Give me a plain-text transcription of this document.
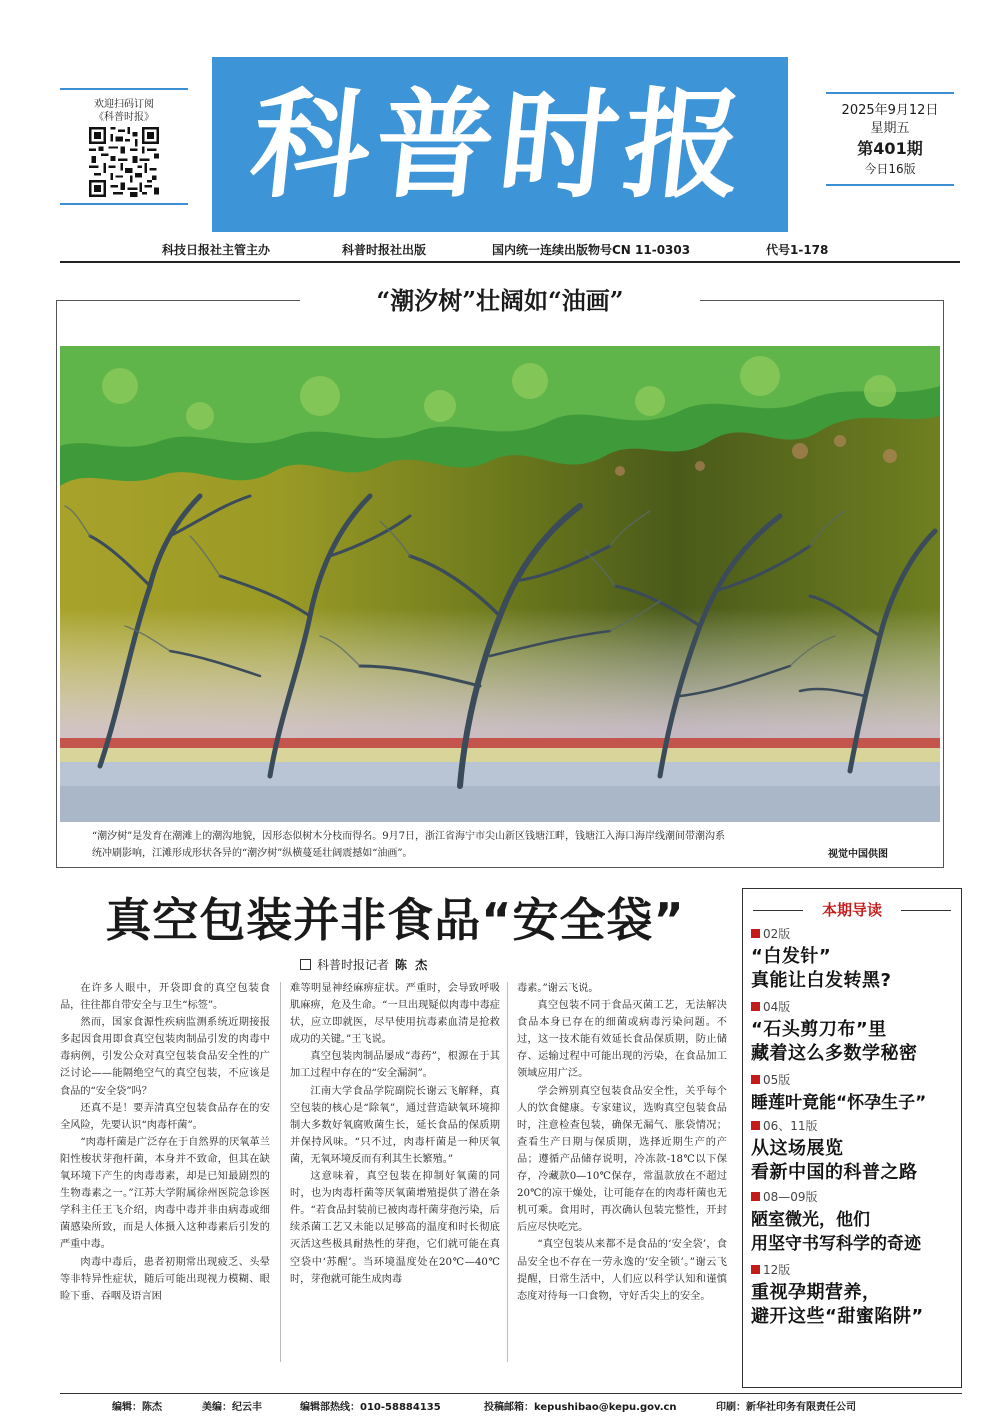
欢迎扫码订阅
《科普时报》 科普时报	2025年9月12日
星期五
第401期
今日16版
科技日报社主管主办	科普时报社出版	国内统一连续出版物号CN 11-0303	代号1-178
“潮汐树”壮阔如“油画”
“潮汐树”是发育在潮滩上的潮沟地貌，因形态似树木分枝而得名。9月7日，浙江省海宁市尖山新区钱塘江畔，钱塘江入海口海岸线潮间带潮沟系
统冲刷影响，江滩形成形状各异的“潮汐树”纵横蔓延壮阔震撼如“油画”。	视觉中国供图
真空包装并非食品“安全袋”
科普时报记者 陈 杰

在许多人眼中，开袋即食的真空包装食品，往往都自带安全与卫生“标签”。

然而，国家食源性疾病监测系统近期接报多起因食用即食真空包装肉制品引发的肉毒中毒病例，引发公众对真空包装食品安全性的广泛讨论——能隔绝空气的真空包装，不应该是食品的“安全袋”吗？

还真不是！要弄清真空包装食品存在的安全风险，先要认识“肉毒杆菌”。

“肉毒杆菌是广泛存在于自然界的厌氧革兰阳性梭状芽孢杆菌，本身并不致命，但其在缺氧环境下产生的肉毒毒素，却是已知最剧烈的生物毒素之一。”江苏大学附属徐州医院急诊医学科主任王飞介绍，肉毒中毒并非由病毒或细菌感染所致，而是人体摄入这种毒素后引发的严重中毒。

肉毒中毒后，患者初期常出现疲乏、头晕等非特异性症状，随后可能出现视力模糊、眼睑下垂、吞咽及语言困

难等明显神经麻痹症状。严重时，会导致呼吸肌麻痹，危及生命。“一旦出现疑似肉毒中毒症状，应立即就医，尽早使用抗毒素血清是抢救成功的关键。”王飞说。

真空包装肉制品屡成“毒药”，根源在于其加工过程中存在的“安全漏洞”。

江南大学食品学院副院长谢云飞解释，真空包装的核心是“除氧”，通过营造缺氧环境抑制大多数好氧腐败菌生长，延长食品的保质期并保持风味。“只不过，肉毒杆菌是一种厌氧菌，无氧环境反而有利其生长繁殖。”

这意味着，真空包装在抑制好氧菌的同时，也为肉毒杆菌等厌氧菌增殖提供了潜在条件。“若食品封装前已被肉毒杆菌芽孢污染，后续杀菌工艺又未能以足够高的温度和时长彻底灭活这些极具耐热性的芽孢，它们就可能在真空袋中‘苏醒’。当环境温度处在20℃—40℃时，芽孢就可能生成肉毒

毒素。”谢云飞说。

真空包装不同于食品灭菌工艺，无法解决食品本身已存在的细菌或病毒污染问题。不过，这一技术能有效延长食品保质期，防止储存、运输过程中可能出现的污染，在食品加工领域应用广泛。

学会辨别真空包装食品安全性，关乎每个人的饮食健康。专家建议，选购真空包装食品时，注意检查包装，确保无漏气、胀袋情况；查看生产日期与保质期，选择近期生产的产品；遵循产品储存说明，冷冻款-18℃以下保存，冷藏款0—10℃保存，常温款放在不超过20℃的凉干燥处，让可能存在的肉毒杆菌也无机可乘。食用时，再次确认包装完整性，开封后应尽快吃完。

“真空包装从来都不是食品的‘安全袋’，食品安全也不存在一劳永逸的‘安全锁’。”谢云飞提醒，日常生活中，人们应以科学认知和谨慎态度对待每一口食物，守好舌尖上的安全。

本期导读
02版
“白发针”
真能让白发转黑?
04版
“石头剪刀布”里
藏着这么多数学秘密
05版
睡莲叶竟能“怀孕生子”
06、11版
从这场展览
看新中国的科普之路
08—09版
陋室微光，他们
用坚守书写科学的奇迹
12版
重视孕期营养，
避开这些“甜蜜陷阱”
编辑：陈杰	美编：纪云丰	编辑部热线：010-58884135	投稿邮箱：kepushibao@kepu.gov.cn	印刷：新华社印务有限责任公司
